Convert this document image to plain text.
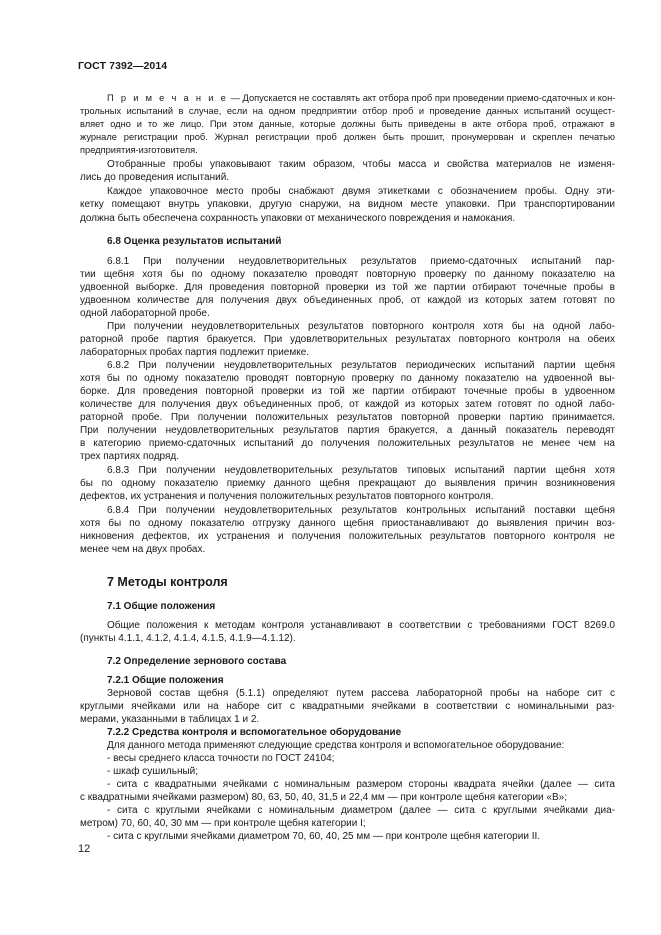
ГОСТ 7392—2014
П р и м е ч а н и е — Допускается не составлять акт отбора проб при проведении приемо-сдаточных и кон-
трольных испытаний в случае, если на одном предприятии отбор проб и проведение данных испытаний осущест-
вляет одно и то же лицо. При этом данные, которые должны быть приведены в акте отбора проб, отражают в
журнале регистрации проб. Журнал регистрации проб должен быть прошит, пронумерован и скреплен печатью
предприятия-изготовителя.
Отобранные пробы упаковывают таким образом, чтобы масса и свойства материалов не изменя-
лись до проведения испытаний.
Каждое упаковочное место пробы снабжают двумя этикетками с обозначением пробы. Одну эти-
кетку помещают внутрь упаковки, другую снаружи, на видном месте упаковки. При транспортировании
должна быть обеспечена сохранность упаковки от механического повреждения и намокания.
6.8 Оценка результатов испытаний
6.8.1 При получении неудовлетворительных результатов приемо-сдаточных испытаний пар-
тии щебня хотя бы по одному показателю проводят повторную проверку по данному показателю на
удвоенной выборке. Для проведения повторной проверки из той же партии отбирают точечные пробы в
удвоенном количестве для получения двух объединенных проб, от каждой из которых затем готовят по
одной лабораторной пробе.
При получении неудовлетворительных результатов повторного контроля хотя бы на одной лабо-
раторной пробе партия бракуется. При удовлетворительных результатах повторного контроля на обеих
лабораторных пробах партия подлежит приемке.
6.8.2 При получении неудовлетворительных результатов периодических испытаний партии щебня
хотя бы по одному показателю проводят повторную проверку по данному показателю на удвоенной вы-
борке. Для проведения повторной проверки из той же партии отбирают точечные пробы в удвоенном
количестве для получения двух объединенных проб, от каждой из которых затем готовят по одной лабо-
раторной пробе. При получении положительных результатов повторной проверки партию принимается.
При получении неудовлетворительных результатов партия бракуется, а данный показатель переводят
в категорию приемо-сдаточных испытаний до получения положительных результатов не менее чем на
трех партиях подряд.
6.8.3 При получении неудовлетворительных результатов типовых испытаний партии щебня хотя
бы по одному показателю приемку данного щебня прекращают до выявления причин возникновения
дефектов, их устранения и получения положительных результатов повторного контроля.
6.8.4 При получении неудовлетворительных результатов контрольных испытаний поставки щебня
хотя бы по одному показателю отгрузку данного щебня приостанавливают до выявления причин воз-
никновения дефектов, их устранения и получения положительных результатов повторного контроля не
менее чем на двух пробах.
7 Методы контроля
7.1 Общие положения
Общие положения к методам контроля устанавливают в соответствии с требованиями ГОСТ 8269.0
(пункты 4.1.1, 4.1.2, 4.1.4, 4.1.5, 4.1.9—4.1.12).
7.2 Определение зернового состава
7.2.1 Общие положения
Зерновой состав щебня (5.1.1) определяют путем рассева лабораторной пробы на наборе сит с
круглыми ячейками или на наборе сит с квадратными ячейками в соответствии с номинальными раз-
мерами, указанными в таблицах 1 и 2.
7.2.2 Средства контроля и вспомогательное оборудование
Для данного метода применяют следующие средства контроля и вспомогательное оборудование:
- весы среднего класса точности по ГОСТ 24104;
- шкаф сушильный;
- сита с квадратными ячейками с номинальным размером стороны квадрата ячейки (далее — сита
с квадратными ячейками размером) 80, 63, 50, 40, 31,5 и 22,4 мм — при контроле щебня категории «В»;
- сита с круглыми ячейками с номинальным диаметром (далее — сита с круглыми ячейками диа-
метром) 70, 60, 40, 30 мм — при контроле щебня категории I;
- сита с круглыми ячейками диаметром 70, 60, 40, 25 мм — при контроле щебня категории II.
12
